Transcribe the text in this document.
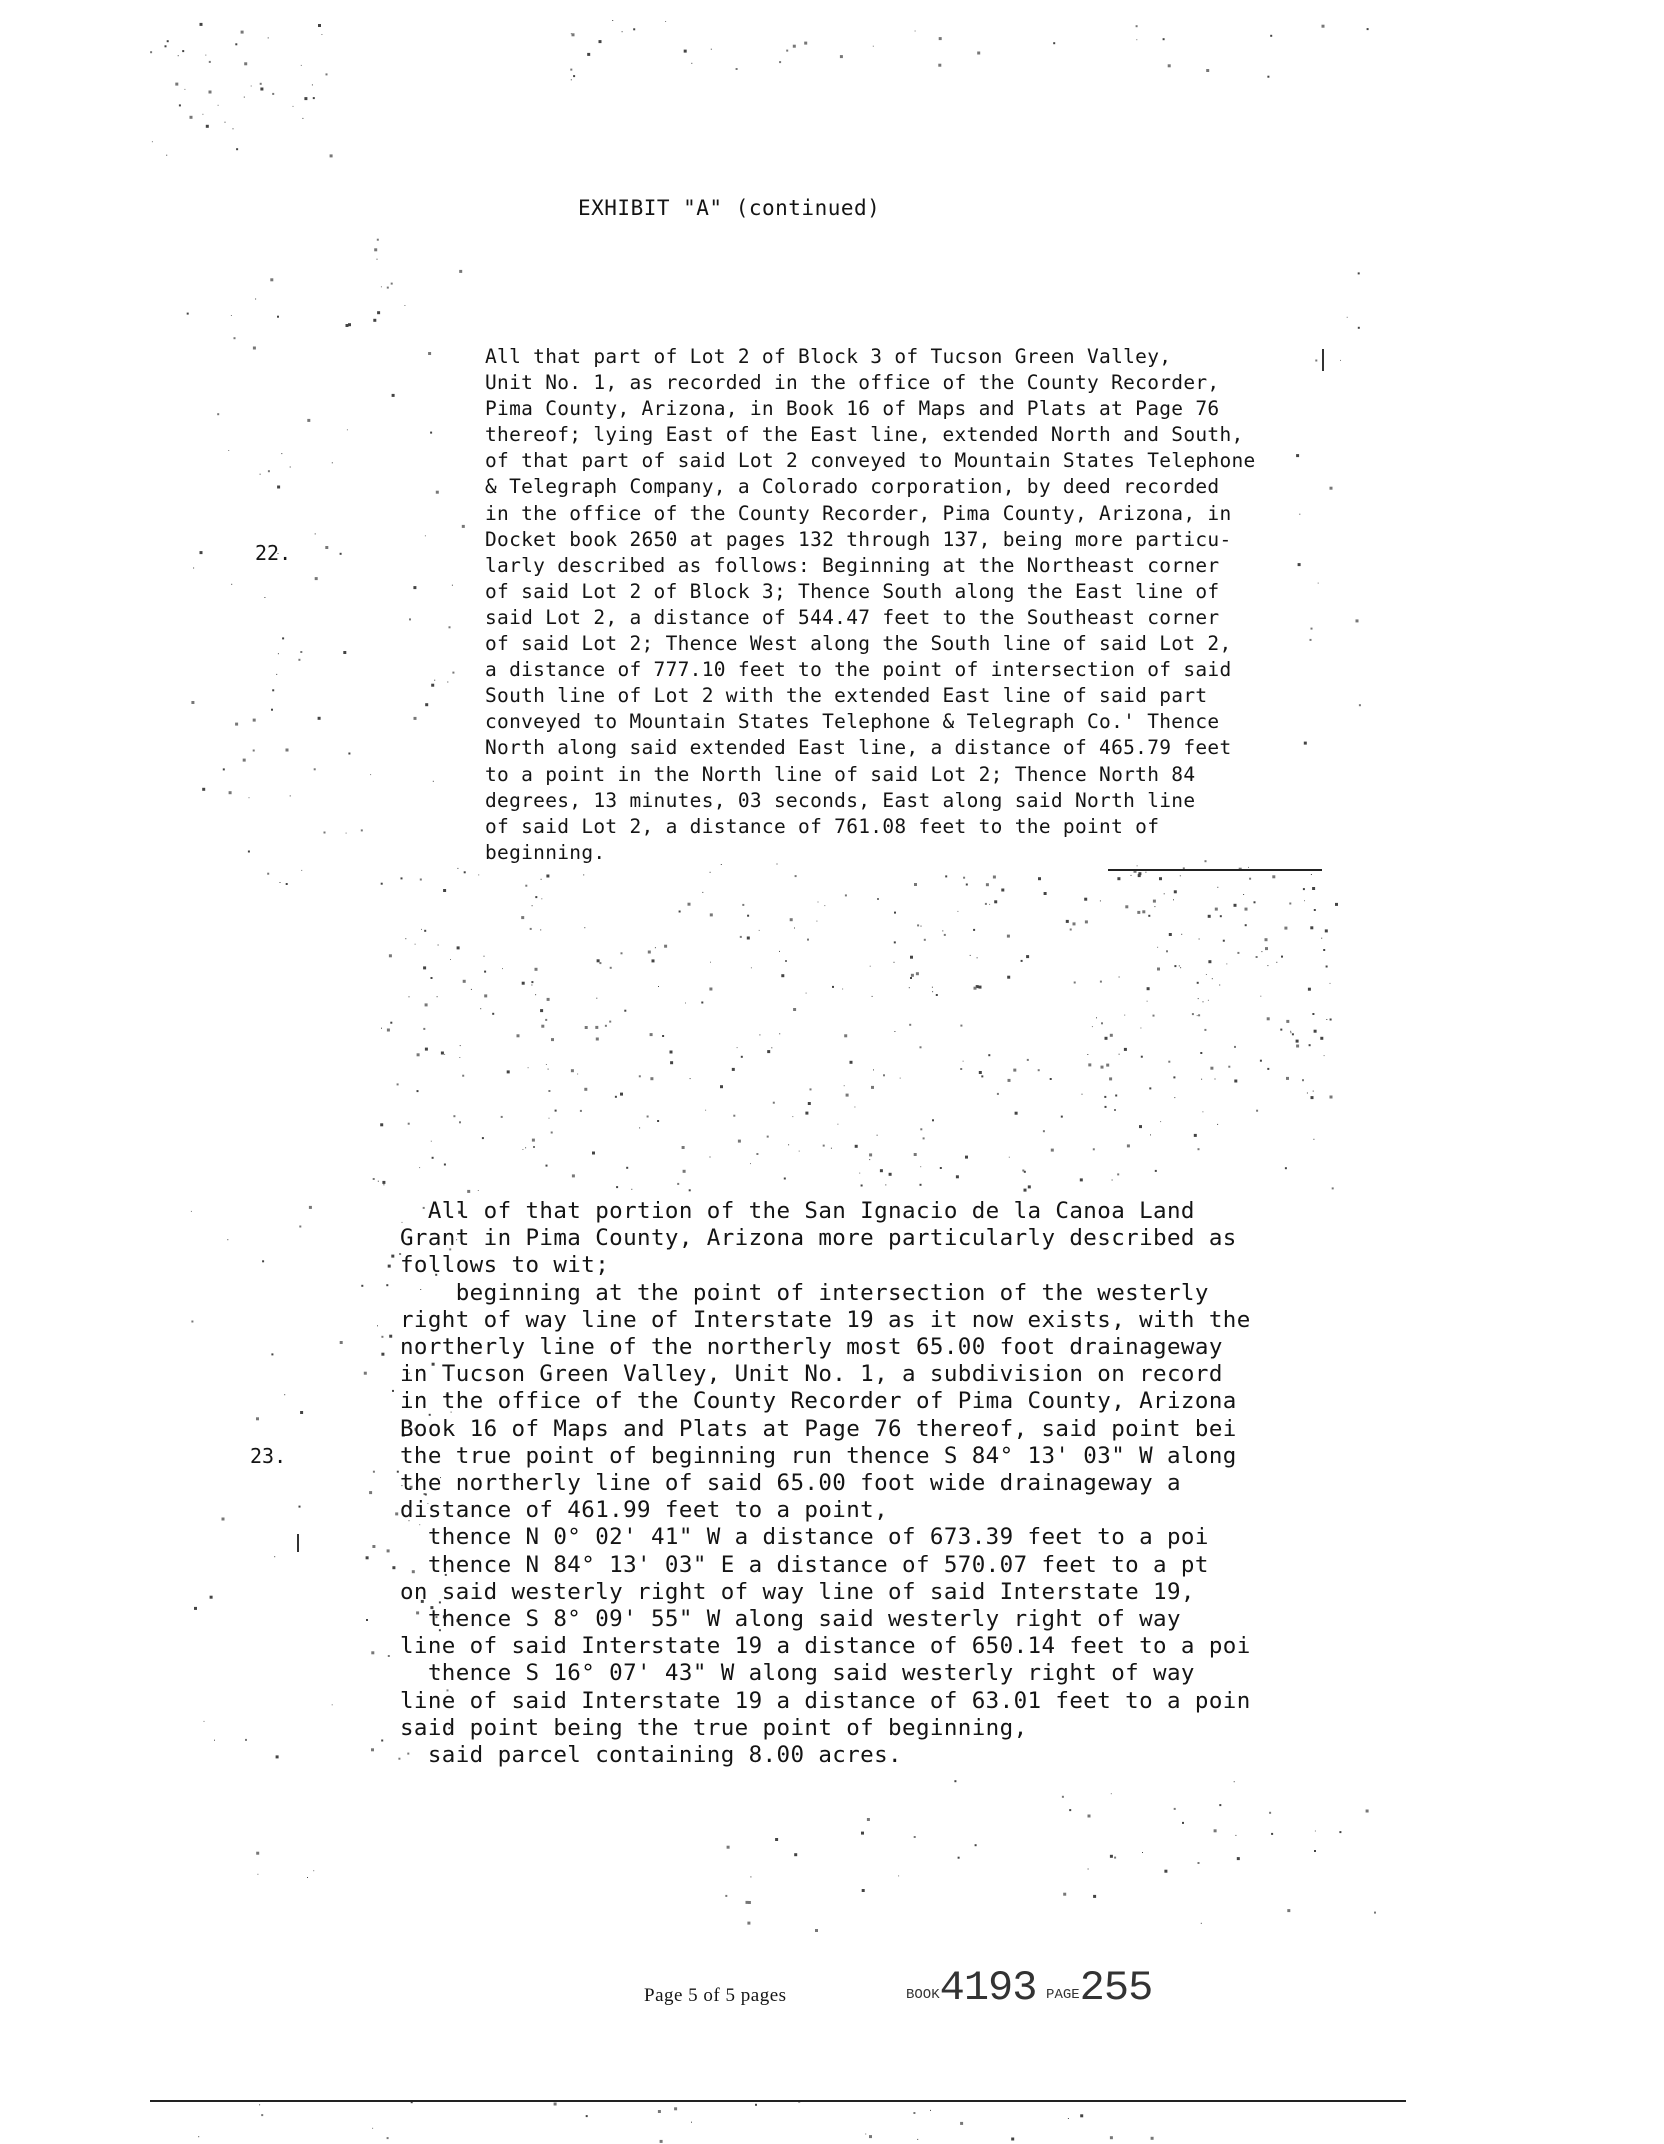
EXHIBIT "A" (continued)
22.
All that part of Lot 2 of Block 3 of Tucson Green Valley,
Unit No. 1, as recorded in the office of the County Recorder,
Pima County, Arizona, in Book 16 of Maps and Plats at Page 76
thereof; lying East of the East line, extended North and South,
of that part of said Lot 2 conveyed to Mountain States Telephone
& Telegraph Company, a Colorado corporation, by deed recorded
in the office of the County Recorder, Pima County, Arizona, in
Docket book 2650 at pages 132 through 137, being more particu-
larly described as follows: Beginning at the Northeast corner
of said Lot 2 of Block 3; Thence South along the East line of
said Lot 2, a distance of 544.47 feet to the Southeast corner
of said Lot 2; Thence West along the South line of said Lot 2,
a distance of 777.10 feet to the point of intersection of said
South line of Lot 2 with the extended East line of said part
conveyed to Mountain States Telephone & Telegraph Co.' Thence
North along said extended East line, a distance of 465.79 feet
to a point in the North line of said Lot 2; Thence North 84
degrees, 13 minutes, 03 seconds, East along said North line
of said Lot 2, a distance of 761.08 feet to the point of
beginning.
23.
All of that portion of the San Ignacio de la Canoa Land
Grant in Pima County, Arizona more particularly described as
follows to wit;
beginning at the point of intersection of the westerly
right of way line of Interstate 19 as it now exists, with the
northerly line of the northerly most 65.00 foot drainageway
in Tucson Green Valley, Unit No. 1, a subdivision on record
in the office of the County Recorder of Pima County, Arizona
Book 16 of Maps and Plats at Page 76 thereof, said point bei
the true point of beginning run thence S 84° 13' 03" W along
the northerly line of said 65.00 foot wide drainageway a
distance of 461.99 feet to a point,
thence N 0° 02' 41" W a distance of 673.39 feet to a poi
thence N 84° 13' 03" E a distance of 570.07 feet to a pt
on said westerly right of way line of said Interstate 19,
thence S 8° 09' 55" W along said westerly right of way
line of said Interstate 19 a distance of 650.14 feet to a poi
thence S 16° 07' 43" W along said westerly right of way
line of said Interstate 19 a distance of 63.01 feet to a poin
said point being the true point of beginning,
said parcel containing 8.00 acres.
Page 5 of 5 pages	BOOK4193 PAGE255
